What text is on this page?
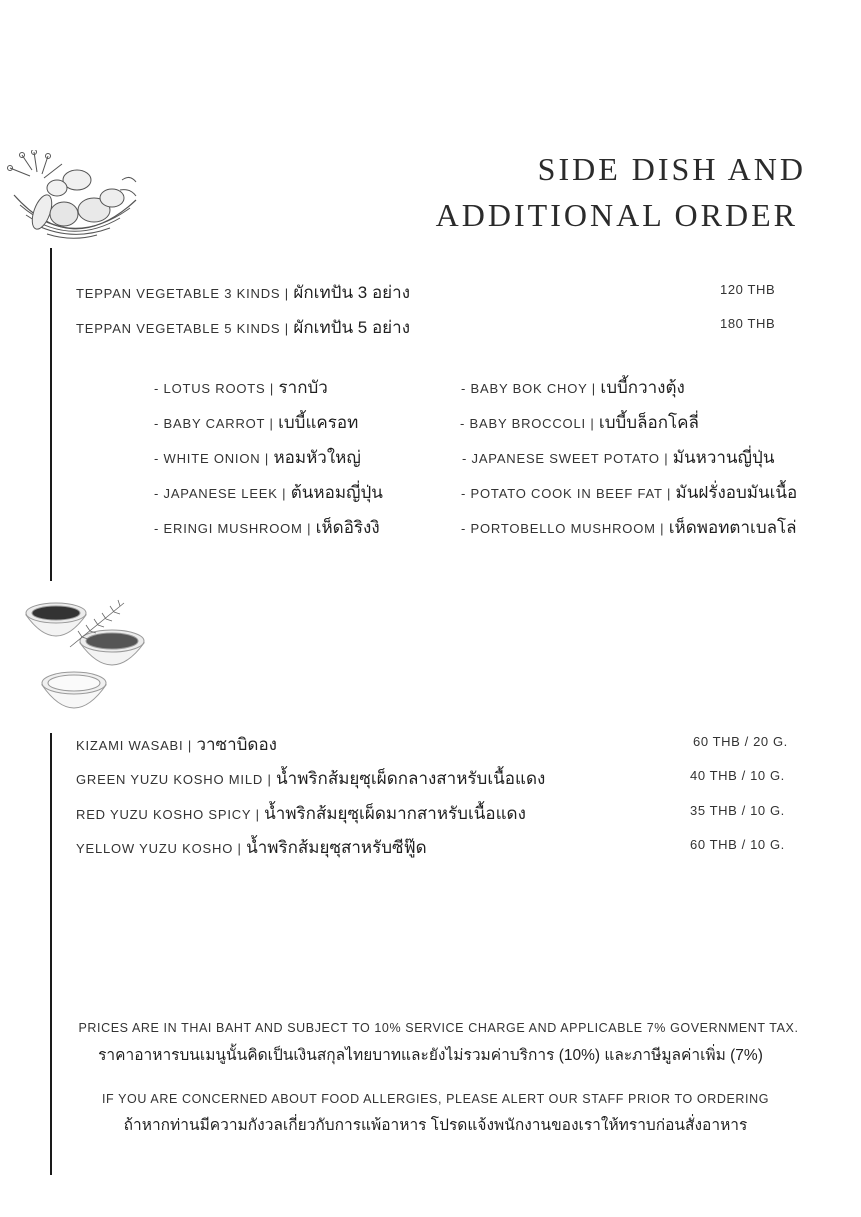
SIDE DISH AND
ADDITIONAL ORDER
TEPPAN VEGETABLE 3 KINDS | ผักเทปัน 3 อย่าง	120 THB
TEPPAN VEGETABLE 5 KINDS | ผักเทปัน 5 อย่าง	180 THB
- LOTUS ROOTS | รากบัว
- BABY CARROT | เบบี้แครอท
- WHITE ONION | หอมหัวใหญ่
- JAPANESE LEEK | ต้นหอมญี่ปุ่น
- ERINGI MUSHROOM | เห็ดอิริงงิ
- BABY BOK CHOY | เบบี้กวางตุ้ง
- BABY BROCCOLI | เบบี้บล็อกโคลี่
- JAPANESE SWEET POTATO | มันหวานญี่ปุ่น
- POTATO COOK IN BEEF FAT | มันฝรั่งอบมันเนื้อ
- PORTOBELLO MUSHROOM | เห็ดพอทตาเบลโล่
KIZAMI WASABI | วาซาบิดอง	60 THB / 20 G.
GREEN YUZU KOSHO MILD | น้ำพริกส้มยุซุเผ็ดกลางสาหรับเนื้อแดง	40 THB / 10 G.
RED YUZU KOSHO SPICY | น้ำพริกส้มยุซุเผ็ดมากสาหรับเนื้อแดง	35 THB / 10 G.
YELLOW YUZU KOSHO | น้ำพริกส้มยุซุสาหรับซีฟู๊ด	60 THB / 10 G.
PRICES ARE IN THAI BAHT AND SUBJECT TO 10% SERVICE CHARGE AND APPLICABLE 7% GOVERNMENT TAX.
ราคาอาหารบนเมนูนั้นคิดเป็นเงินสกุลไทยบาทและยังไม่รวมค่าบริการ (10%) และภาษีมูลค่าเพิ่ม (7%)
IF YOU ARE CONCERNED ABOUT FOOD ALLERGIES, PLEASE ALERT OUR STAFF PRIOR TO ORDERING
ถ้าหากท่านมีความกังวลเกี่ยวกับการแพ้อาหาร โปรดแจ้งพนักงานของเราให้ทราบก่อนสั่งอาหาร
